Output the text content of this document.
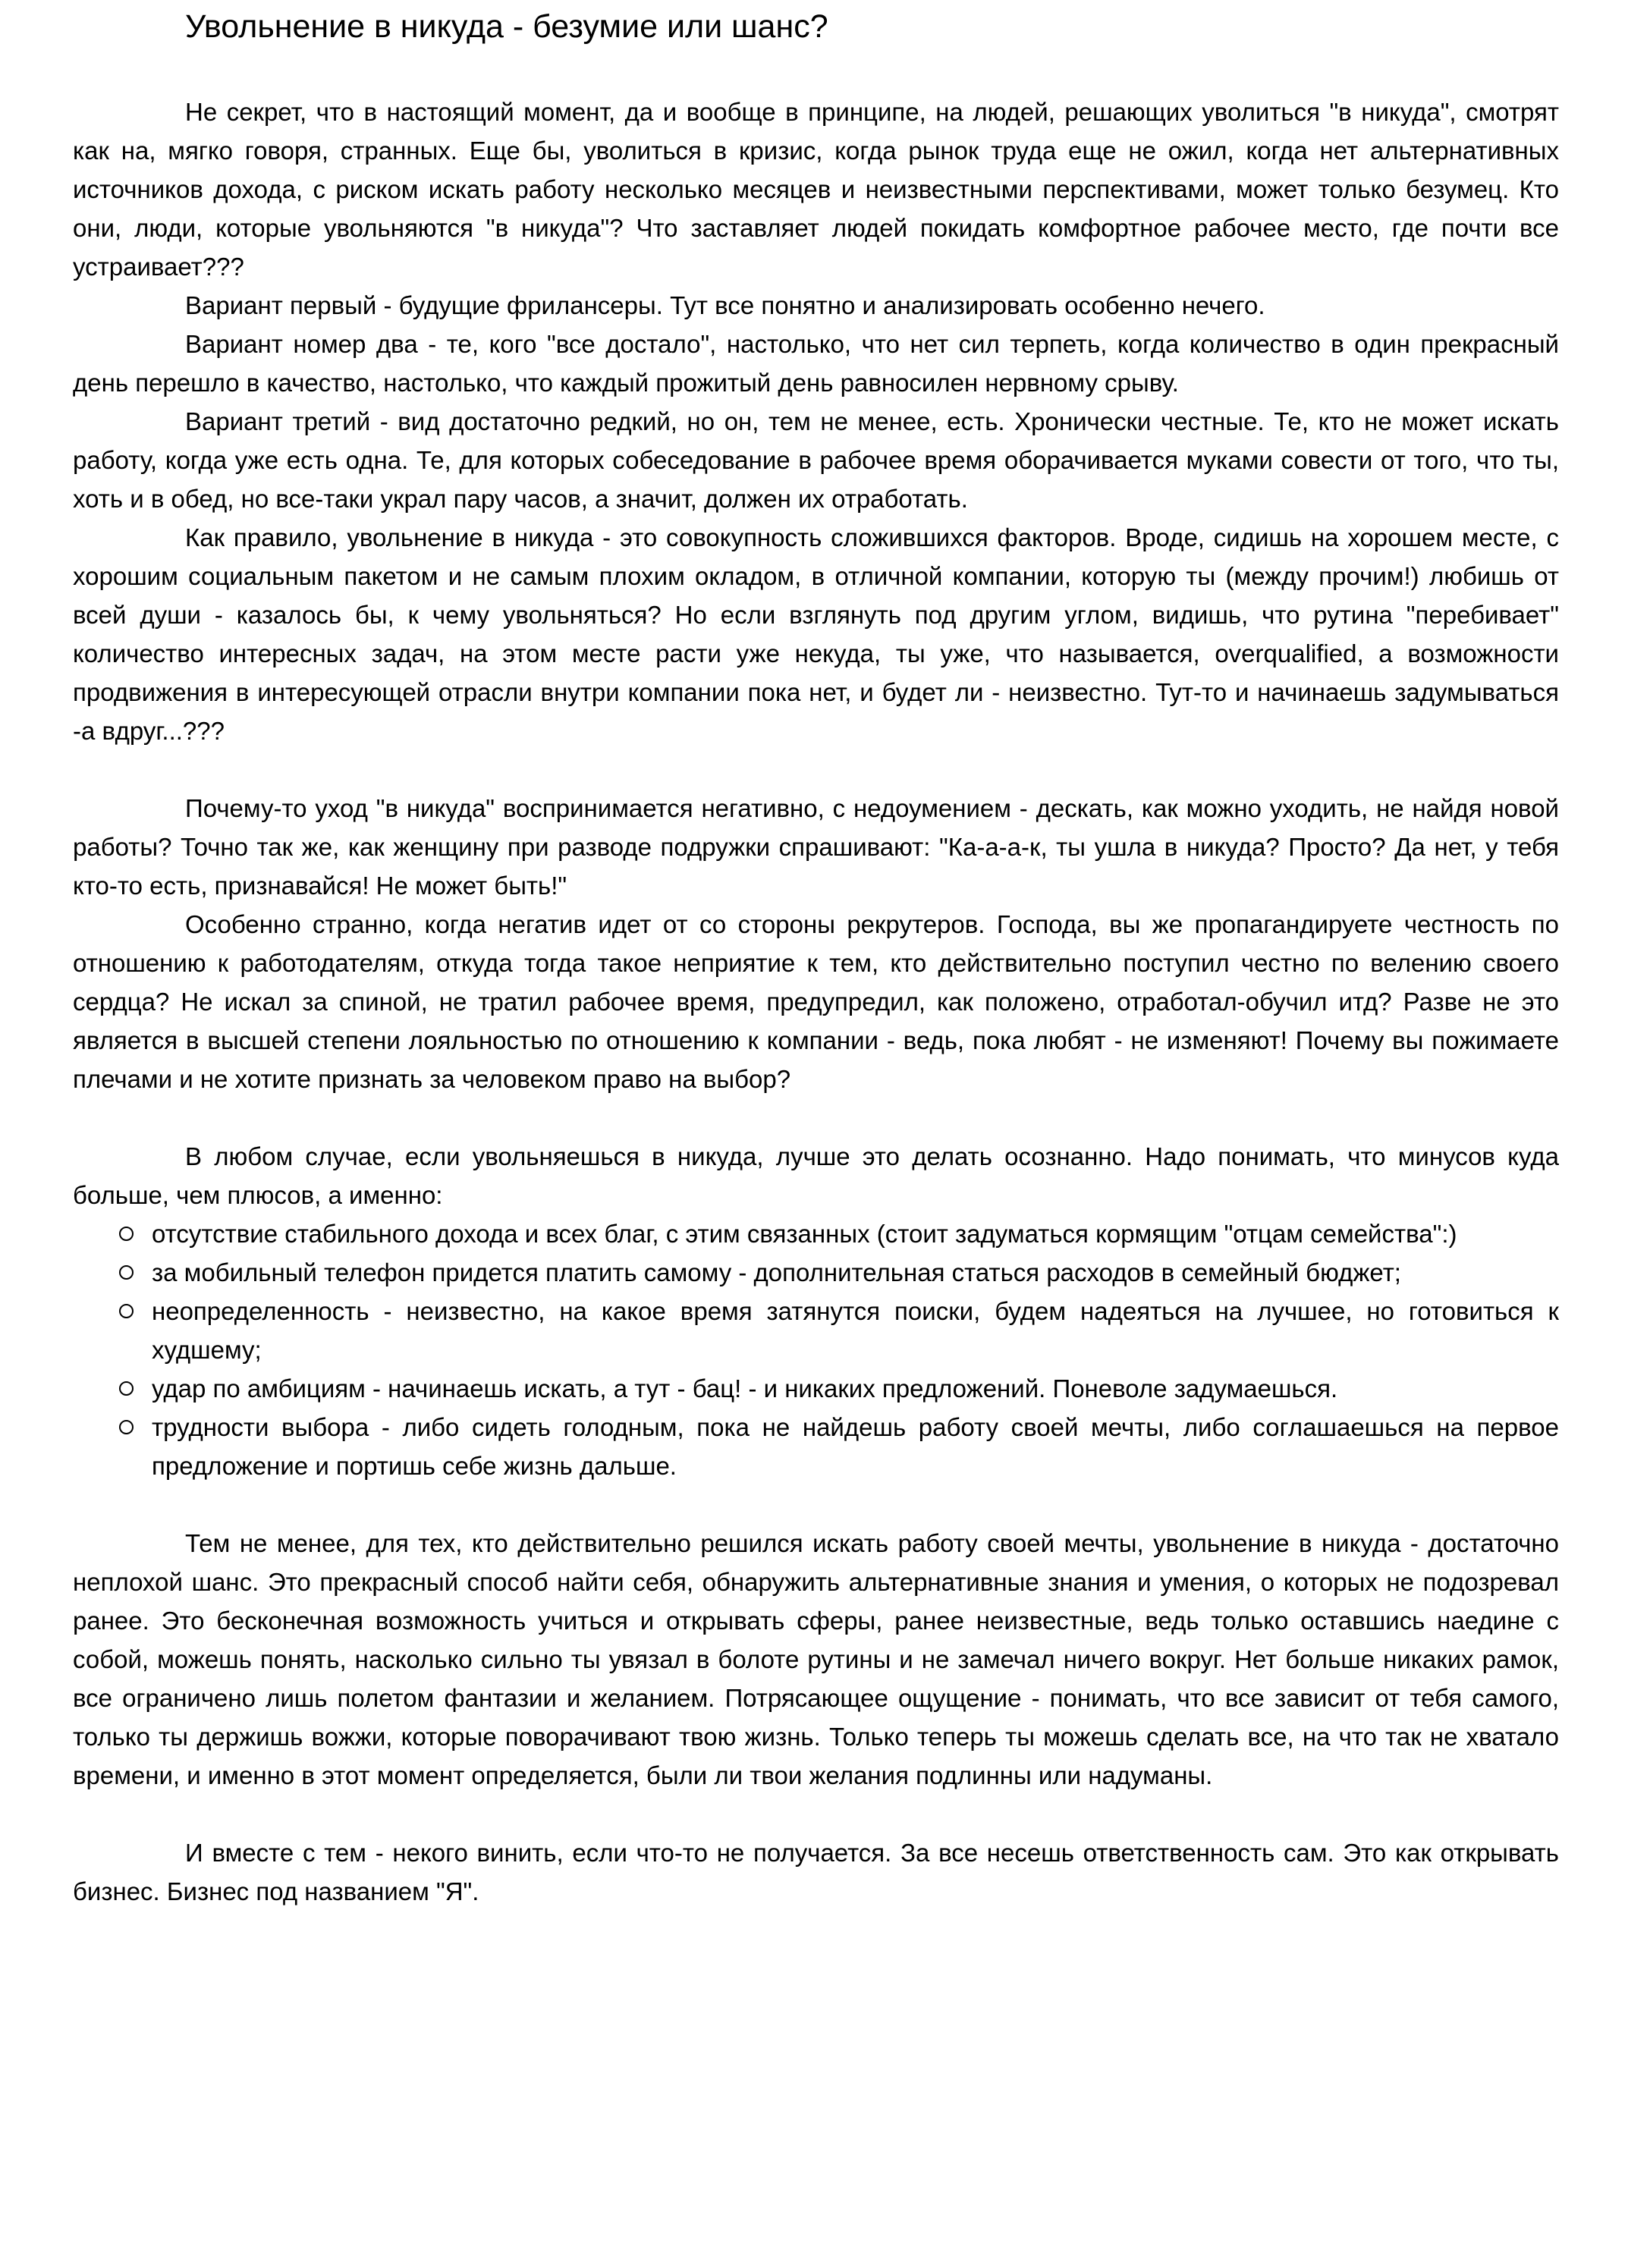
Увольнение в никуда - безумие или шанс?

Не секрет, что в настоящий момент, да и вообще в принципе, на людей, решающих уволиться "в никуда", смотрят как на, мягко говоря, странных. Еще бы, уволиться в кризис, когда рынок труда еще не ожил, когда нет альтернативных источников дохода, с риском искать работу несколько месяцев и неизвестными перспективами, может только безумец. Кто они, люди, которые увольняются "в никуда"? Что заставляет людей покидать комфортное рабочее место, где почти все устраивает???

Вариант первый - будущие фрилансеры. Тут все понятно и анализировать особенно нечего.

Вариант номер два - те, кого "все достало", настолько, что нет сил терпеть, когда количество в один прекрасный день перешло в качество, настолько, что каждый прожитый день равносилен нервному срыву.

Вариант третий - вид достаточно редкий, но он, тем не менее, есть. Хронически честные. Те, кто не может искать работу, когда уже есть одна. Те, для которых собеседование в рабочее время оборачивается муками совести от того, что ты, хоть и в обед, но все-таки украл пару часов, а значит, должен их отработать.

Как правило, увольнение в никуда - это совокупность сложившихся факторов. Вроде, сидишь на хорошем месте, с хорошим социальным пакетом и не самым плохим окладом, в отличной компании, которую ты (между прочим!) любишь от всей души - казалось бы, к чему увольняться? Но если взглянуть под другим углом, видишь, что рутина "перебивает" количество интересных задач, на этом месте расти уже некуда, ты уже, что называется, overqualified, а возможности продвижения в интересующей отрасли внутри компании пока нет, и будет ли - неизвестно. Тут-то и начинаешь задумываться -а вдруг...???

Почему-то уход "в никуда" воспринимается негативно, с недоумением - дескать, как можно уходить, не найдя новой работы? Точно так же, как женщину при разводе подружки спрашивают: "Ка-а-а-к, ты ушла в никуда? Просто? Да нет, у тебя кто-то есть, признавайся! Не может быть!"

Особенно странно, когда негатив идет от со стороны рекрутеров. Господа, вы же пропагандируете честность по отношению к работодателям, откуда тогда такое неприятие к тем, кто действительно поступил честно по велению своего сердца? Не искал за спиной, не тратил рабочее время, предупредил, как положено, отработал-обучил итд? Разве не это является в высшей степени лояльностью по отношению к компании - ведь, пока любят - не изменяют! Почему вы пожимаете плечами и не хотите признать за человеком право на выбор?

В любом случае, если увольняешься в никуда, лучше это делать осознанно. Надо понимать, что минусов куда больше, чем плюсов, а именно:

отсутствие стабильного дохода и всех благ, с этим связанных (стоит задуматься кормящим "отцам семейства":)
за мобильный телефон придется платить самому - дополнительная статься расходов в семейный бюджет;
неопределенность - неизвестно, на какое время затянутся поиски, будем надеяться на лучшее, но готовиться к худшему;
удар по амбициям - начинаешь искать, а тут - бац! - и никаких предложений. Поневоле задумаешься.
трудности выбора - либо сидеть голодным, пока не найдешь работу своей мечты, либо соглашаешься на первое предложение и портишь себе жизнь дальше.

Тем не менее, для тех, кто действительно решился искать работу своей мечты, увольнение в никуда - достаточно неплохой шанс. Это прекрасный способ найти себя, обнаружить альтернативные знания и умения, о которых не подозревал ранее. Это бесконечная возможность учиться и открывать сферы, ранее неизвестные, ведь только оставшись наедине с собой, можешь понять, насколько сильно ты увязал в болоте рутины и не замечал ничего вокруг. Нет больше никаких рамок, все ограничено лишь полетом фантазии и желанием. Потрясающее ощущение - понимать, что все зависит от тебя самого, только ты держишь вожжи, которые поворачивают твою жизнь. Только теперь ты можешь сделать все, на что так не хватало времени, и именно в этот момент определяется, были ли твои желания подлинны или надуманы.

И вместе с тем - некого винить, если что-то не получается. За все несешь ответственность сам. Это как открывать бизнес. Бизнес под названием "Я".
